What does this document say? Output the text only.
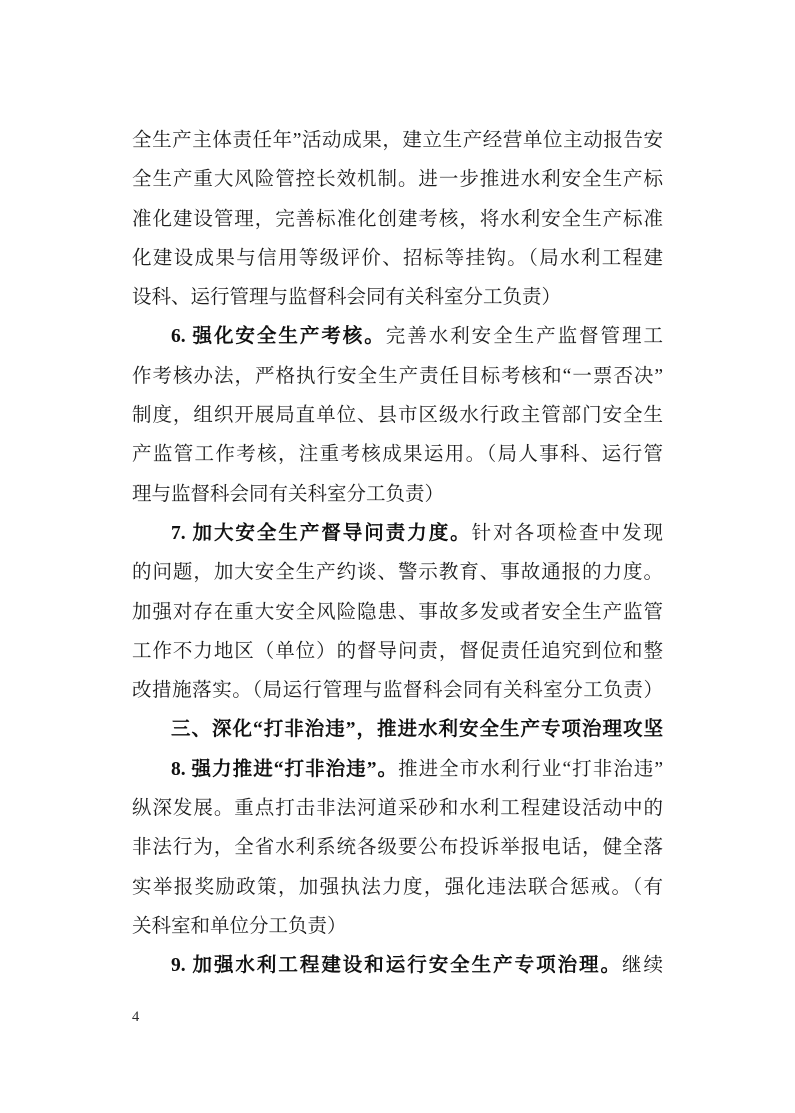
全生产主体责任年”活动成果，建立生产经营单位主动报告安
全生产重大风险管控长效机制。进一步推进水利安全生产标
准化建设管理，完善标准化创建考核，将水利安全生产标准
化建设成果与信用等级评价、招标等挂钩。（局水利工程建
设科、运行管理与监督科会同有关科室分工负责）
6. 强化安全生产考核。完善水利安全生产监督管理工
作考核办法，严格执行安全生产责任目标考核和“一票否决”
制度，组织开展局直单位、县市区级水行政主管部门安全生
产监管工作考核，注重考核成果运用。（局人事科、运行管
理与监督科会同有关科室分工负责）
7. 加大安全生产督导问责力度。针对各项检查中发现
的问题，加大安全生产约谈、警示教育、事故通报的力度。
加强对存在重大安全风险隐患、事故多发或者安全生产监管
工作不力地区（单位）的督导问责，督促责任追究到位和整
改措施落实。（局运行管理与监督科会同有关科室分工负责）
三、深化“打非治违”，推进水利安全生产专项治理攻坚
8. 强力推进“打非治违”。推进全市水利行业“打非治违”
纵深发展。重点打击非法河道采砂和水利工程建设活动中的
非法行为，全省水利系统各级要公布投诉举报电话，健全落
实举报奖励政策，加强执法力度，强化违法联合惩戒。（有
关科室和单位分工负责）
9. 加强水利工程建设和运行安全生产专项治理。继续
4
